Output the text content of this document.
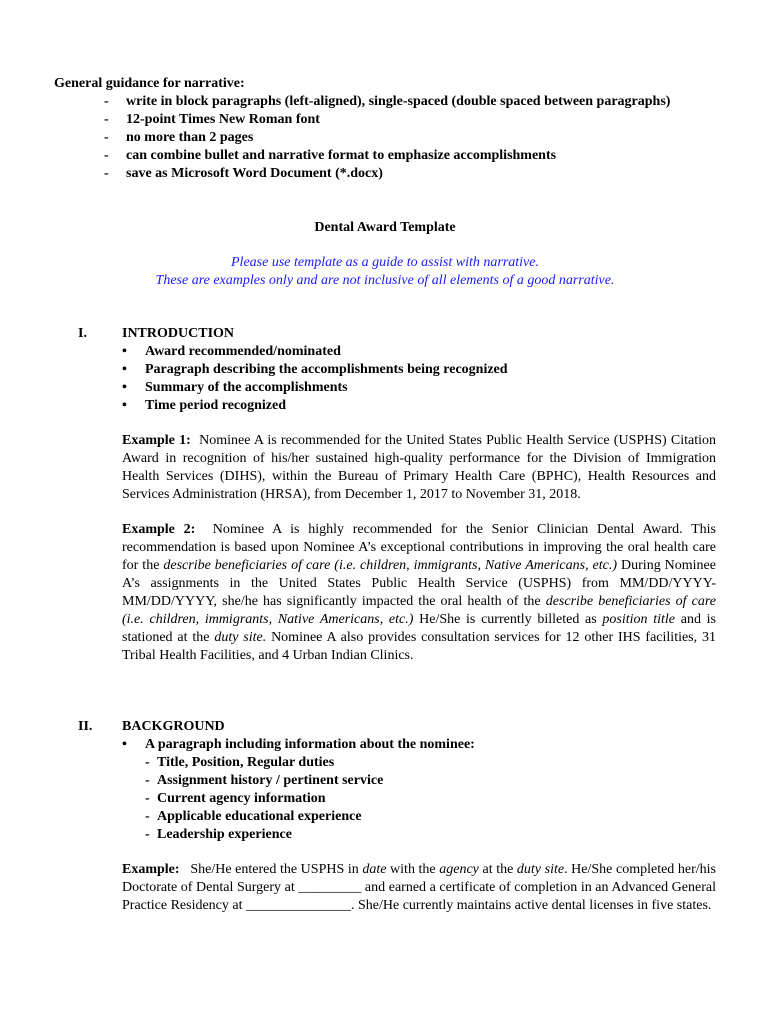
General guidance for narrative:
- write in block paragraphs (left-aligned), single-spaced (double spaced between paragraphs)
- 12-point Times New Roman font
- no more than 2 pages
- can combine bullet and narrative format to emphasize accomplishments
- save as Microsoft Word Document (*.docx)
Dental Award Template
Please use template as a guide to assist with narrative.
These are examples only and are not inclusive of all elements of a good narrative.
I.	INTRODUCTION
• Award recommended/nominated
• Paragraph describing the accomplishments being recognized
• Summary of the accomplishments
• Time period recognized
Example 1: Nominee A is recommended for the United States Public Health Service (USPHS) Citation Award in recognition of his/her sustained high-quality performance for the Division of Immigration Health Services (DIHS), within the Bureau of Primary Health Care (BPHC), Health Resources and Services Administration (HRSA), from December 1, 2017 to November 31, 2018.
Example 2: Nominee A is highly recommended for the Senior Clinician Dental Award. This recommendation is based upon Nominee A’s exceptional contributions in improving the oral health care for the describe beneficiaries of care (i.e. children, immigrants, Native Americans, etc.) During Nominee A’s assignments in the United States Public Health Service (USPHS) from MM/DD/YYYY- MM/DD/YYYY, she/he has significantly impacted the oral health of the describe beneficiaries of care (i.e. children, immigrants, Native Americans, etc.) He/She is currently billeted as position title and is stationed at the duty site. Nominee A also provides consultation services for 12 other IHS facilities, 31 Tribal Health Facilities, and 4 Urban Indian Clinics.
II. BACKGROUND
• A paragraph including information about the nominee:
- Title, Position, Regular duties
- Assignment history / pertinent service
- Current agency information
- Applicable educational experience
- Leadership experience
Example: She/He entered the USPHS in date with the agency at the duty site. He/She completed her/his Doctorate of Dental Surgery at _________ and earned a certificate of completion in an Advanced General Practice Residency at _______________. She/He currently maintains active dental licenses in five states.
